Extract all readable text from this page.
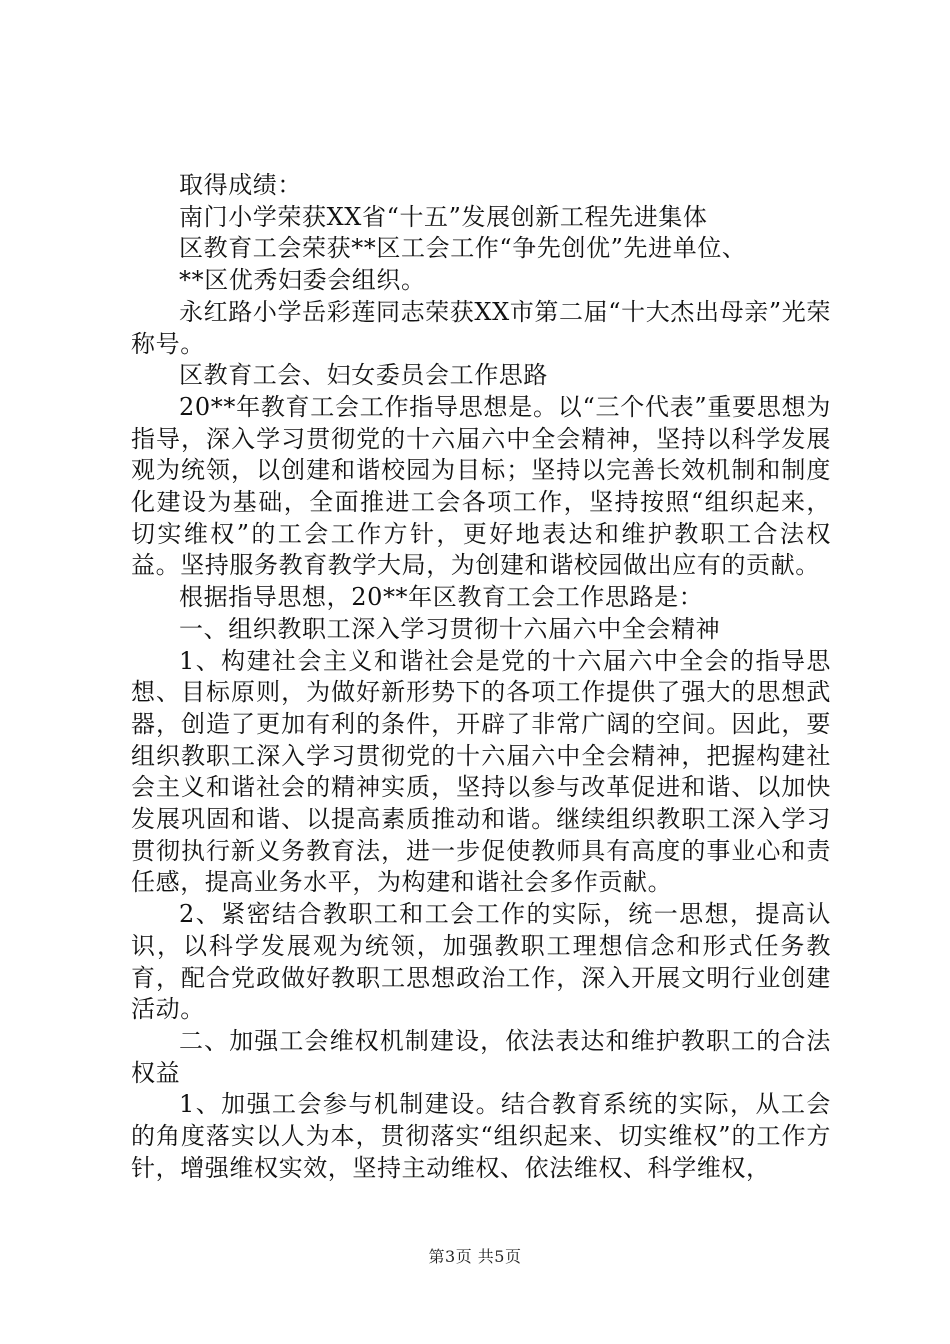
取得成绩：

南门小学荣获XX省“十五”发展创新工程先进集体

区教育工会荣获**区工会工作“争先创优”先进单位、

**区优秀妇委会组织。

永红路小学岳彩莲同志荣获XX市第二届“十大杰出母亲”光荣称号。

区教育工会、妇女委员会工作思路

20**年教育工会工作指导思想是。以“三个代表”重要思想为指导，深入学习贯彻党的十六届六中全会精神，坚持以科学发展观为统领，以创建和谐校园为目标；坚持以完善长效机制和制度化建设为基础，全面推进工会各项工作，坚持按照“组织起来，切实维权”的工会工作方针，更好地表达和维护教职工合法权益。坚持服务教育教学大局，为创建和谐校园做出应有的贡献。

根据指导思想，20**年区教育工会工作思路是：

一、组织教职工深入学习贯彻十六届六中全会精神

1、构建社会主义和谐社会是党的十六届六中全会的指导思想、目标原则，为做好新形势下的各项工作提供了强大的思想武器，创造了更加有利的条件，开辟了非常广阔的空间。因此，要组织教职工深入学习贯彻党的十六届六中全会精神，把握构建社会主义和谐社会的精神实质，坚持以参与改革促进和谐、以加快发展巩固和谐、以提高素质推动和谐。继续组织教职工深入学习贯彻执行新义务教育法，进一步促使教师具有高度的事业心和责任感，提高业务水平，为构建和谐社会多作贡献。

2、紧密结合教职工和工会工作的实际，统一思想，提高认识，以科学发展观为统领，加强教职工理想信念和形式任务教育，配合党政做好教职工思想政治工作，深入开展文明行业创建活动。

二、加强工会维权机制建设，依法表达和维护教职工的合法权益

1、加强工会参与机制建设。结合教育系统的实际，从工会的角度落实以人为本，贯彻落实“组织起来、切实维权”的工作方针，增强维权实效，坚持主动维权、依法维权、科学维权，

第3页 共5页
